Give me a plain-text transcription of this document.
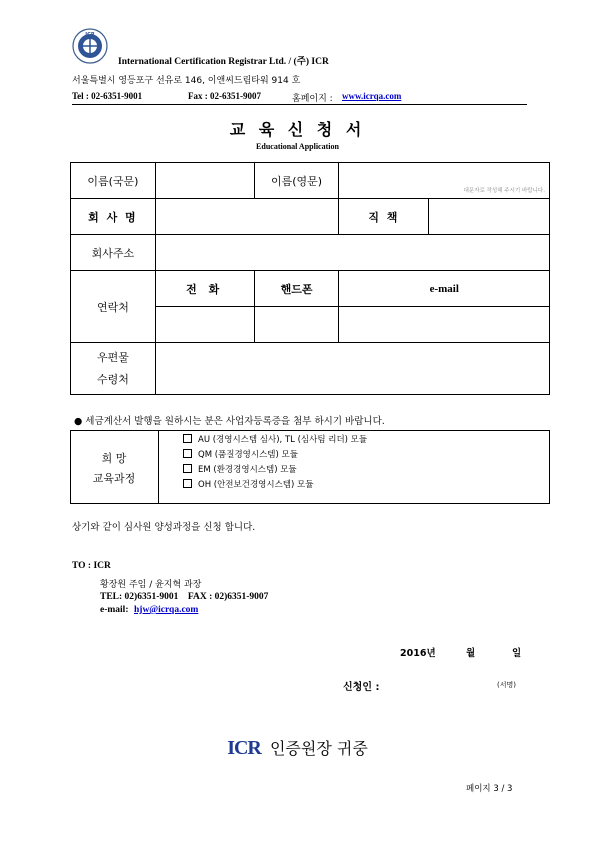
ICR
International Certification Registrar Ltd. / (주) ICR
서울특별시 영등포구 선유로 146, 이앤씨드림타워 914 호
Tel : 02-6351-9001	Fax : 02-6351-9007	홈페이지 : www.icrqa.com
교 육 신 청 서
Educational Application
이름(국문)		이름(영문)	대문자로 작성해 주시기 바랍니다.	

회 사 명			직 책	
회사주소				
연락처	전 화	핸드폰	e-mail	

우편물
수령처				

● 세금계산서 발행을 원하시는 분은 사업자등록증을 첨부 하시기 바랍니다.
희 망
교육과정
AU (경영시스템 심사), TL (심사팀 리더) 모듈
QM (품질경영시스템) 모듈
EM (환경경영시스템) 모듈
OH (안전보건경영시스템) 모듈
상기와 같이 심사원 양성과정을 신청 합니다.
TO : ICR
황장원 주임 / 윤지혁 과장
TEL: 02)6351-9001    FAX : 02)6351-9007
e-mail: hjw@icrqa.com
2016년	월	일
신청인 :	(서명)
ICR 인증원장 귀중
페이지 3 / 3
